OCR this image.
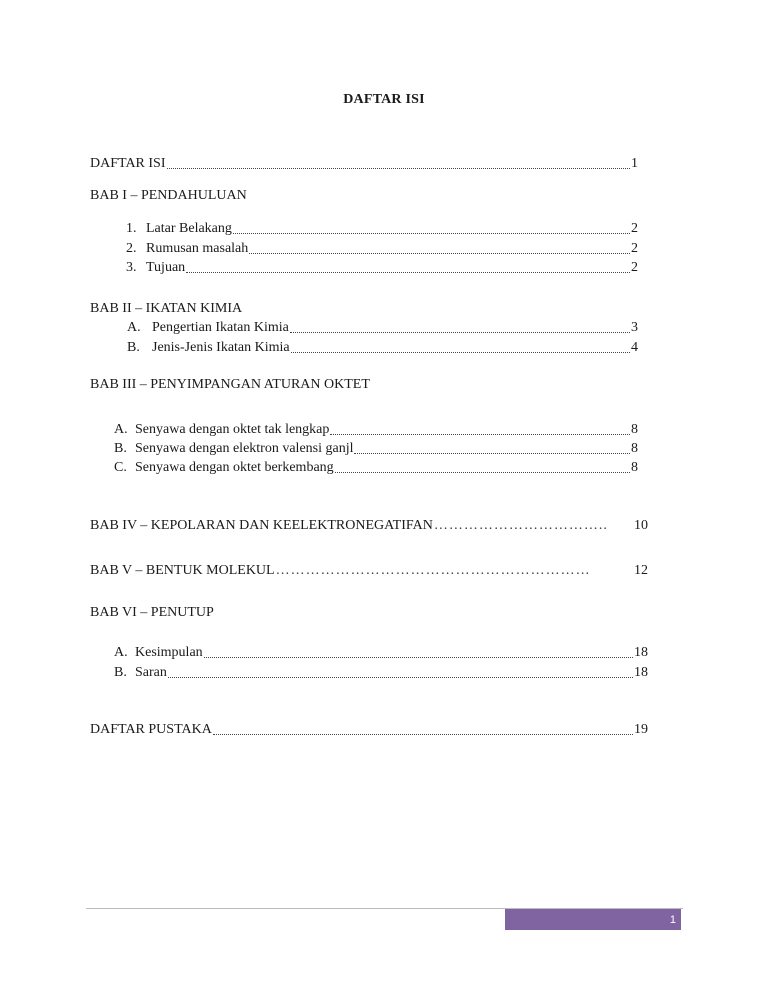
DAFTAR ISI
DAFTAR ISI	1
BAB I – PENDAHULUAN
1. Latar Belakang	2
2. Rumusan masalah	2
3. Tujuan	2
BAB II – IKATAN KIMIA
A. Pengertian Ikatan Kimia	3
B. Jenis-Jenis Ikatan Kimia	4
BAB III – PENYIMPANGAN ATURAN OKTET
A. Senyawa dengan oktet tak lengkap	8
B. Senyawa dengan elektron valensi ganjl	8
C. Senyawa dengan oktet berkembang	8
BAB IV – KEPOLARAN DAN KEELEKTRONEGATIFAN ……………………………..	10
BAB V – BENTUK MOLEKUL ………………………………………………………	12
BAB VI – PENUTUP
A. Kesimpulan	18
B. Saran	18
DAFTAR PUSTAKA	19
1
